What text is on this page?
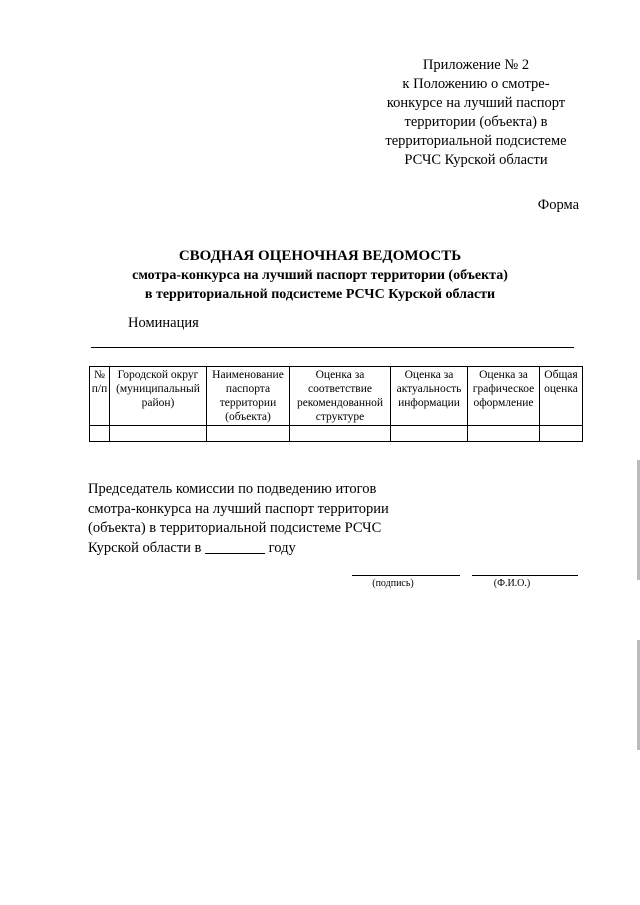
Приложение № 2
к Положению о смотре-
конкурсе на лучший паспорт
территории (объекта) в
территориальной подсистеме
РСЧС Курской области
Форма
СВОДНАЯ ОЦЕНОЧНАЯ ВЕДОМОСТЬ
смотра-конкурса на лучший паспорт территории (объекта)
в территориальной подсистеме РСЧС Курской области
Номинация
№ п/п	Городской округ (муниципальный район)	Наименование паспорта территории (объекта)	Оценка за соответствие рекомендованной структуре	Оценка за актуальность информации	Оценка за графическое оформление	Общая оценка

Председатель комиссии по подведению итогов
смотра-конкурса на лучший паспорт территории
(объекта) в территориальной подсистеме РСЧС
Курской области в	году
(подпись)	(Ф.И.О.)
